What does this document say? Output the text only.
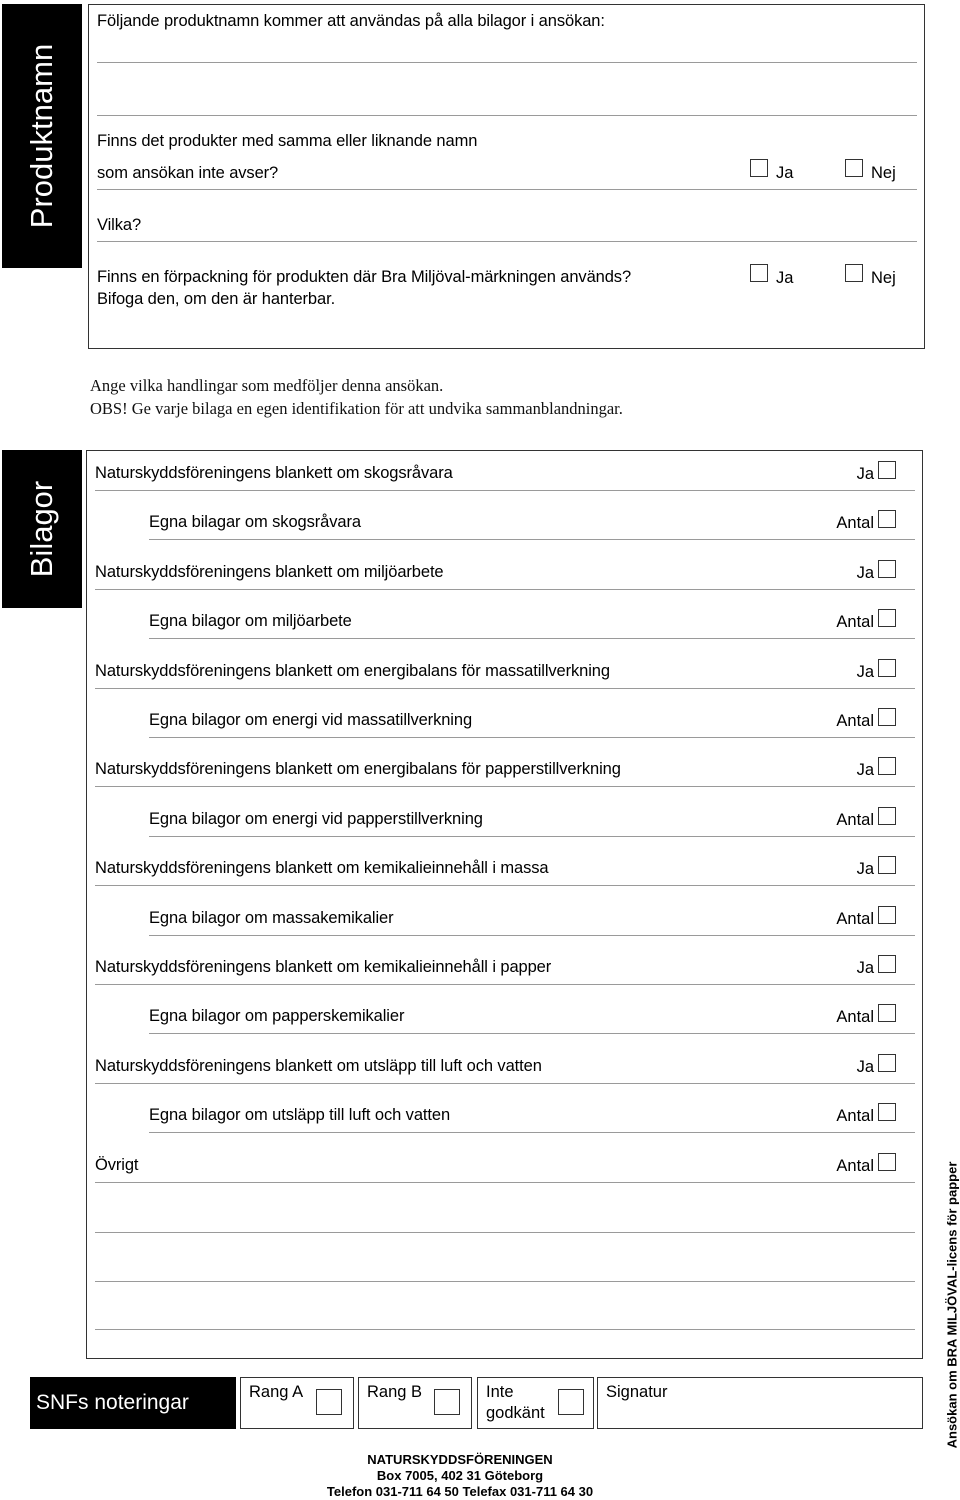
Produktnamn
Följande produktnamn kommer att användas på alla bilagor i ansökan:
Finns det produkter med samma eller liknande namn
som ansökan inte avser?	Ja	Nej
Vilka?
Finns en förpackning för produkten där Bra Miljöval-märkningen används?
Bifoga den, om den är hanterbar.
Ja	Nej
Ange vilka handlingar som medföljer denna ansökan.
OBS! Ge varje bilaga en egen identifikation för att undvika sammanblandningar.
Bilagor
Naturskyddsföreningens blankett om skogsråvara	Ja
Egna bilagar om skogsråvara	Antal
Naturskyddsföreningens blankett om miljöarbete	Ja
Egna bilagor om miljöarbete	Antal
Naturskyddsföreningens blankett om energibalans för massatillverkning	Ja
Egna bilagor om energi vid massatillverkning	Antal
Naturskyddsföreningens blankett om energibalans för papperstillverkning	Ja
Egna bilagor om energi vid papperstillverkning	Antal
Naturskyddsföreningens blankett om kemikalieinnehåll i massa	Ja
Egna bilagor om massakemikalier	Antal
Naturskyddsföreningens blankett om kemikalieinnehåll i papper	Ja
Egna bilagor om papperskemikalier	Antal
Naturskyddsföreningens blankett om utsläpp till luft och vatten	Ja
Egna bilagor om utsläpp till luft och vatten	Antal
Övrigt	Antal
SNFs noteringar	Rang A	Rang B	Inte
godkänt
Signatur
NATURSKYDDSFÖRENINGEN
Box 7005, 402 31 Göteborg
Telefon 031-711 64 50 Telefax 031-711 64 30
Ansökan om BRA MILJÖVAL-licens för papper
